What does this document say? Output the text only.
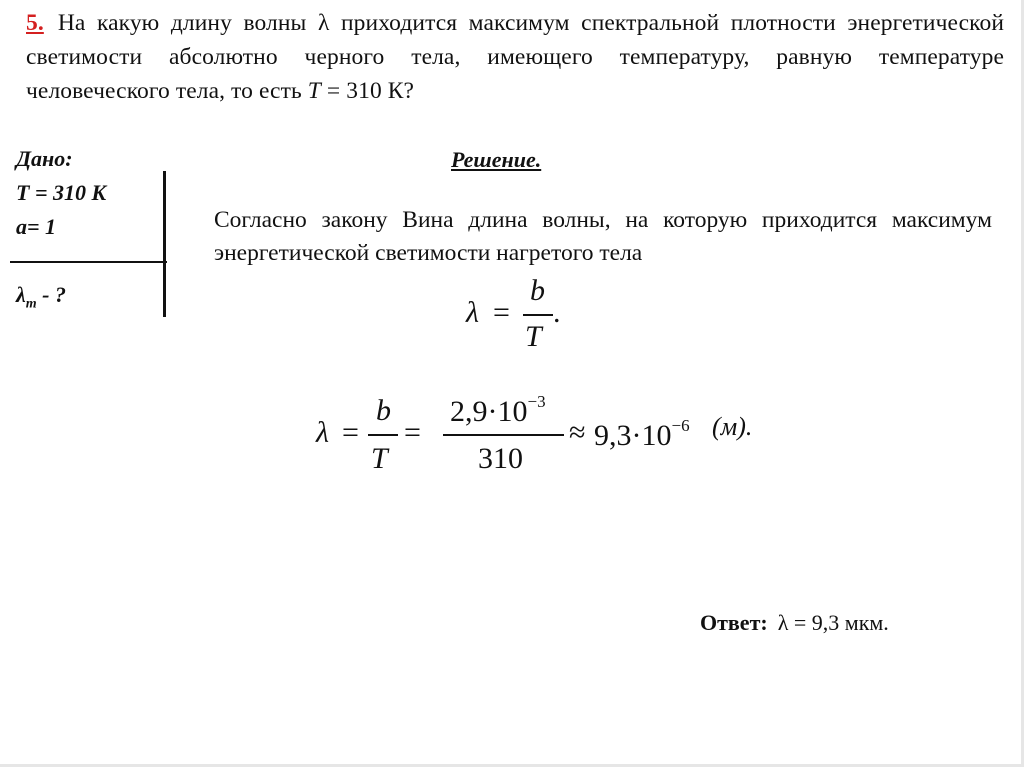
5. На какую длину волны λ приходится максимум спектральной плотности энергетической светимости абсолютно черного тела, имеющего температуру, равную температуре человеческого тела, то есть T = 310 К?
Дано:
T = 310 K
a= 1
$\lambda_m$ - ?
Решение.
Согласно закону Вина длина волны, на которую приходится максимум энергетической светимости нагретого тела
λ =
b
T
.
λ =
b
T
=
$2,9\cdot 10^{-3}$
310
≈ $9,3\cdot 10^{-6}$ (м).
Ответ: λ = 9,3 мкм.
